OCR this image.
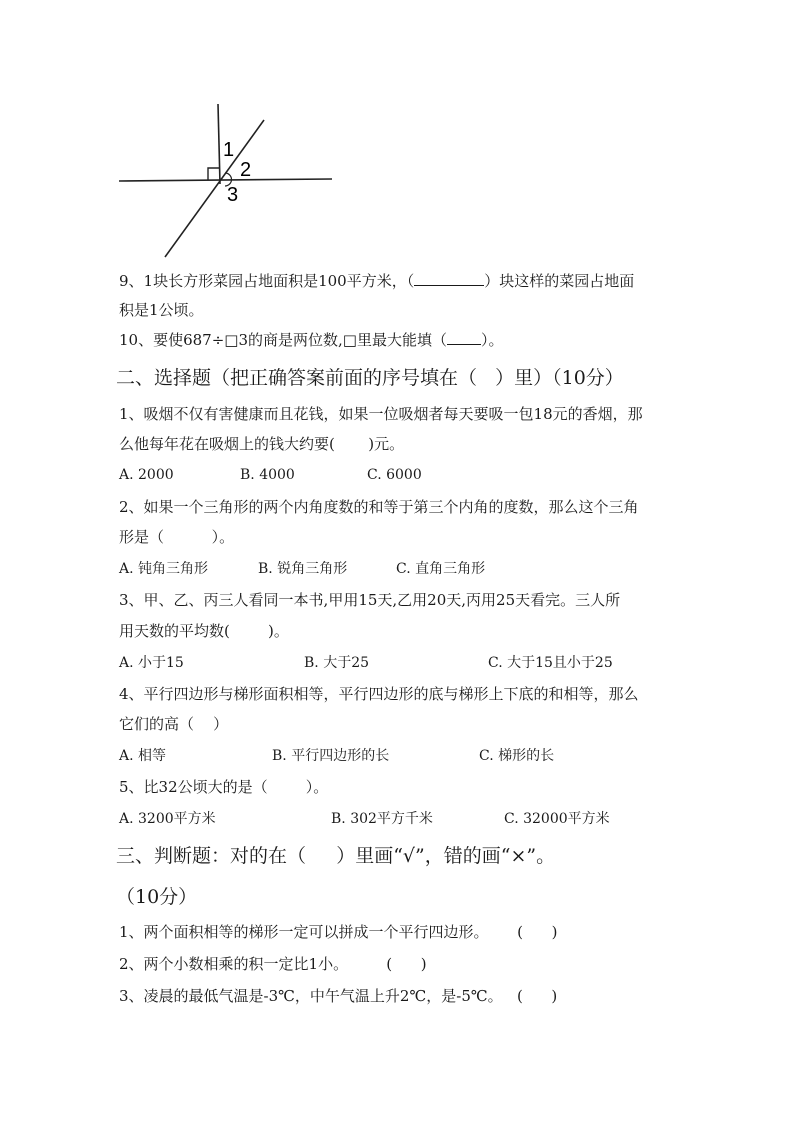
1
2
3
9、1块长方形菜园占地面积是100平方米，（	）块这样的菜园占地面
积是1公顷。
10、要使687÷□3的商是两位数,□里最大能填（ ）。
二、选择题（把正确答案前面的序号填在（   ）里）（10分）
1、吸烟不仅有害健康而且花钱，如果一位吸烟者每天要吸一包18元的香烟，那
么他每年花在吸烟上的钱大约要(       )元。
A. 2000	B. 4000	C. 6000
2、如果一个三角形的两个内角度数的和等于第三个内角的度数，那么这个三角
形是（          ）。
A. 钝角三角形	B. 锐角三角形	C. 直角三角形
3、甲、乙、丙三人看同一本书,甲用15天,乙用20天,丙用25天看完。三人所
用天数的平均数(        )。
A. 小于15	B. 大于25	C. 大于15且小于25
4、平行四边形与梯形面积相等，平行四边形的底与梯形上下底的和相等，那么
它们的高（    ）
A. 相等	B. 平行四边形的长	C. 梯形的长
5、比32公顷大的是（        ）。
A. 3200平方米	B. 302平方千米	C. 32000平方米
三、判断题：对的在（     ）里画“√”，错的画“×”。
（10分）
1、两个面积相等的梯形一定可以拼成一个平行四边形。      (      )
2、两个小数相乘的积一定比1小。        (      )
3、凌晨的最低气温是-3℃，中午气温上升2℃，是-5℃。   (      )
